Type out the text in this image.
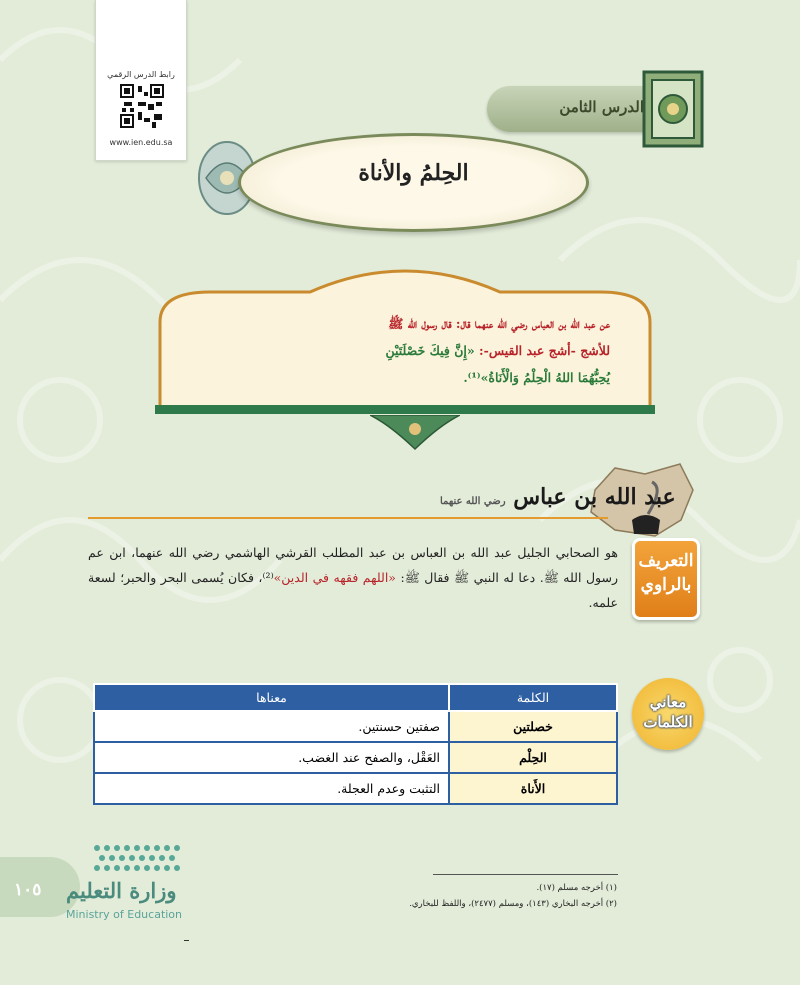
رابط الدرس الرقمي
www.ien.edu.sa
الدرس الثامن
الحِلمُ والأناة
عن عبد الله بن العباس رضي الله عنهما قال: قال رسول الله ﷺ
للأشج -أشج عبد القيس-: «إِنَّ فِيكَ خَصْلَتَيْنِ
يُحِبُّهُمَا اللهُ الْحِلْمُ وَالْأَنَاةُ»⁽¹⁾.
عبد الله بن عباس رضي الله عنهما
التعريف
بالراوي
هو الصحابي الجليل عبد الله بن العباس بن عبد المطلب القرشي الهاشمي رضي الله عنهما، ابن عم رسول الله ﷺ. دعا له النبي ﷺ فقال ﷺ: «اللهم فقهه في الدين»⁽²⁾، فكان يُسمى البحر والحبر؛ لسعة علمه.
معاني
الكلمات
الكلمة	معناها
خصلتين	صفتين حسنتين.
الحِلْم	العَقْل، والصفح عند الغضب.
الأَناة	التثبت وعدم العجلة.
١٠٥ وزارة التعليم
Ministry of Education
(١) أخرجه مسلم (١٧).
(٢) أخرجه البخاري (١٤٣)، ومسلم (٢٤٧٧)، واللفظ للبخاري.
